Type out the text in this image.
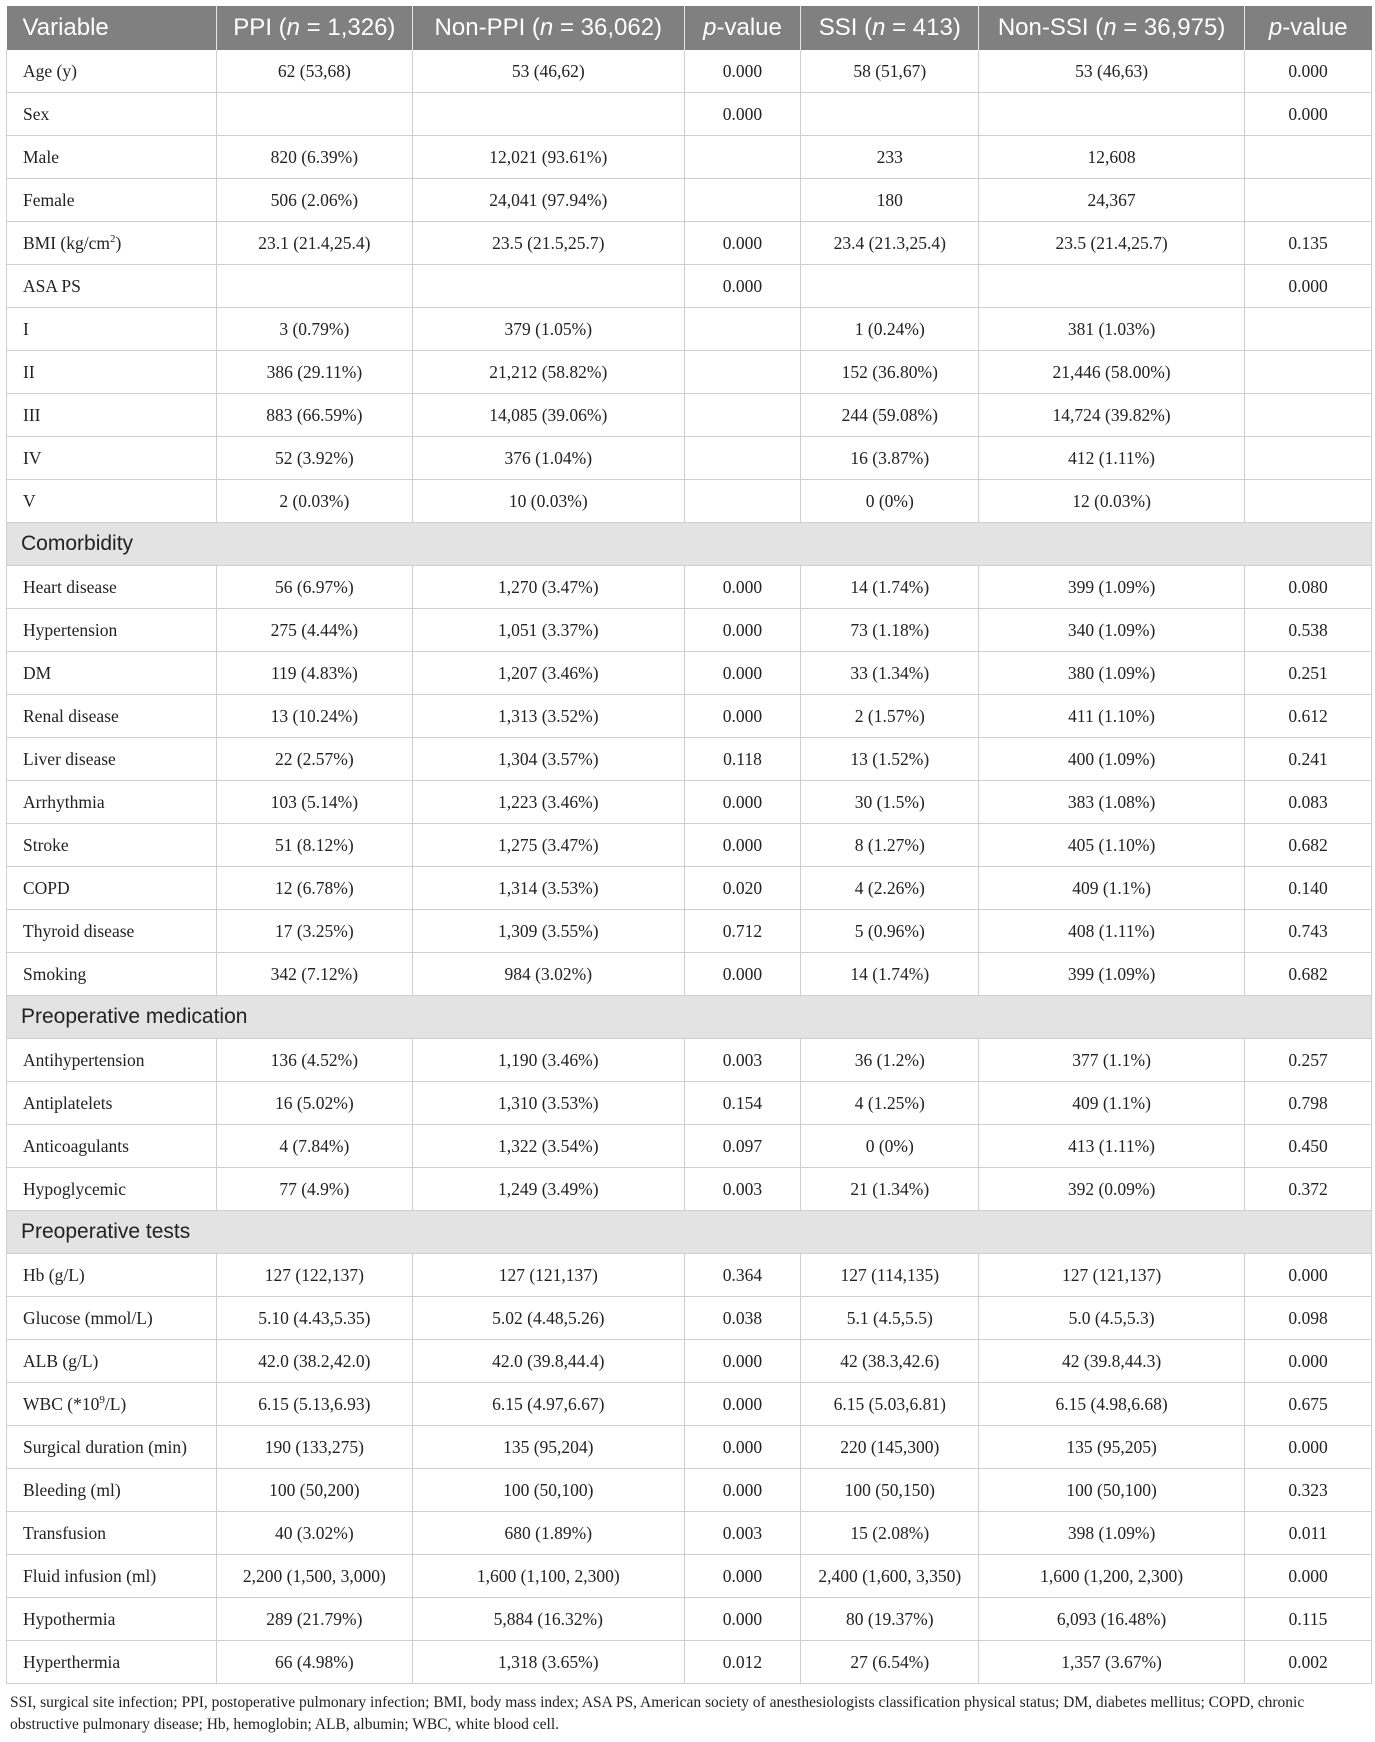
Variable	PPI (n = 1,326)	Non-PPI (n = 36,062)	p-value	SSI (n = 413)	Non-SSI (n = 36,975)	p-value
Age (y)	62 (53,68)	53 (46,62)	0.000	58 (51,67)	53 (46,63)	0.000
Sex			0.000			0.000
Male	820 (6.39%)	12,021 (93.61%)		233	12,608	
Female	506 (2.06%)	24,041 (97.94%)		180	24,367	
BMI $(kg/cm^2)$	23.1 (21.4,25.4)	23.5 (21.5,25.7)	0.000	23.4 (21.3,25.4)	23.5 (21.4,25.7)	0.135
ASA PS			0.000			0.000
I	3 (0.79%)	379 (1.05%)		1 (0.24%)	381 (1.03%)	
II	386 (29.11%)	21,212 (58.82%)		152 (36.80%)	21,446 (58.00%)	
III	883 (66.59%)	14,085 (39.06%)		244 (59.08%)	14,724 (39.82%)	
IV	52 (3.92%)	376 (1.04%)		16 (3.87%)	412 (1.11%)	
V	2 (0.03%)	10 (0.03%)		0 (0%)	12 (0.03%)	
Comorbidity						
Heart disease	56 (6.97%)	1,270 (3.47%)	0.000	14 (1.74%)	399 (1.09%)	0.080
Hypertension	275 (4.44%)	1,051 (3.37%)	0.000	73 (1.18%)	340 (1.09%)	0.538
DM	119 (4.83%)	1,207 (3.46%)	0.000	33 (1.34%)	380 (1.09%)	0.251
Renal disease	13 (10.24%)	1,313 (3.52%)	0.000	2 (1.57%)	411 (1.10%)	0.612
Liver disease	22 (2.57%)	1,304 (3.57%)	0.118	13 (1.52%)	400 (1.09%)	0.241
Arrhythmia	103 (5.14%)	1,223 (3.46%)	0.000	30 (1.5%)	383 (1.08%)	0.083
Stroke	51 (8.12%)	1,275 (3.47%)	0.000	8 (1.27%)	405 (1.10%)	0.682
COPD	12 (6.78%)	1,314 (3.53%)	0.020	4 (2.26%)	409 (1.1%)	0.140
Thyroid disease	17 (3.25%)	1,309 (3.55%)	0.712	5 (0.96%)	408 (1.11%)	0.743
Smoking	342 (7.12%)	984 (3.02%)	0.000	14 (1.74%)	399 (1.09%)	0.682
Preoperative medication						
Antihypertension	136 (4.52%)	1,190 (3.46%)	0.003	36 (1.2%)	377 (1.1%)	0.257
Antiplatelets	16 (5.02%)	1,310 (3.53%)	0.154	4 (1.25%)	409 (1.1%)	0.798
Anticoagulants	4 (7.84%)	1,322 (3.54%)	0.097	0 (0%)	413 (1.11%)	0.450
Hypoglycemic	77 (4.9%)	1,249 (3.49%)	0.003	21 (1.34%)	392 (0.09%)	0.372
Preoperative tests						
Hb (g/L)	127 (122,137)	127 (121,137)	0.364	127 (114,135)	127 (121,137)	0.000
Glucose (mmol/L)	5.10 (4.43,5.35)	5.02 (4.48,5.26)	0.038	5.1 (4.5,5.5)	5.0 (4.5,5.3)	0.098
ALB (g/L)	42.0 (38.2,42.0)	42.0 (39.8,44.4)	0.000	42 (38.3,42.6)	42 (39.8,44.3)	0.000
WBC $(*10^9/L)$	6.15 (5.13,6.93)	6.15 (4.97,6.67)	0.000	6.15 (5.03,6.81)	6.15 (4.98,6.68)	0.675
Surgical duration (min)	190 (133,275)	135 (95,204)	0.000	220 (145,300)	135 (95,205)	0.000
Bleeding (ml)	100 (50,200)	100 (50,100)	0.000	100 (50,150)	100 (50,100)	0.323
Transfusion	40 (3.02%)	680 (1.89%)	0.003	15 (2.08%)	398 (1.09%)	0.011
Fluid infusion (ml)	2,200 (1,500, 3,000)	1,600 (1,100, 2,300)	0.000	2,400 (1,600, 3,350)	1,600 (1,200, 2,300)	0.000
Hypothermia	289 (21.79%)	5,884 (16.32%)	0.000	80 (19.37%)	6,093 (16.48%)	0.115
Hyperthermia	66 (4.98%)	1,318 (3.65%)	0.012	27 (6.54%)	1,357 (3.67%)	0.002
SSI, surgical site infection; PPI, postoperative pulmonary infection; BMI, body mass index; ASA PS, American society of anesthesiologists classification physical status; DM, diabetes mellitus; COPD, chronic obstructive pulmonary disease; Hb, hemoglobin; ALB, albumin; WBC, white blood cell.
